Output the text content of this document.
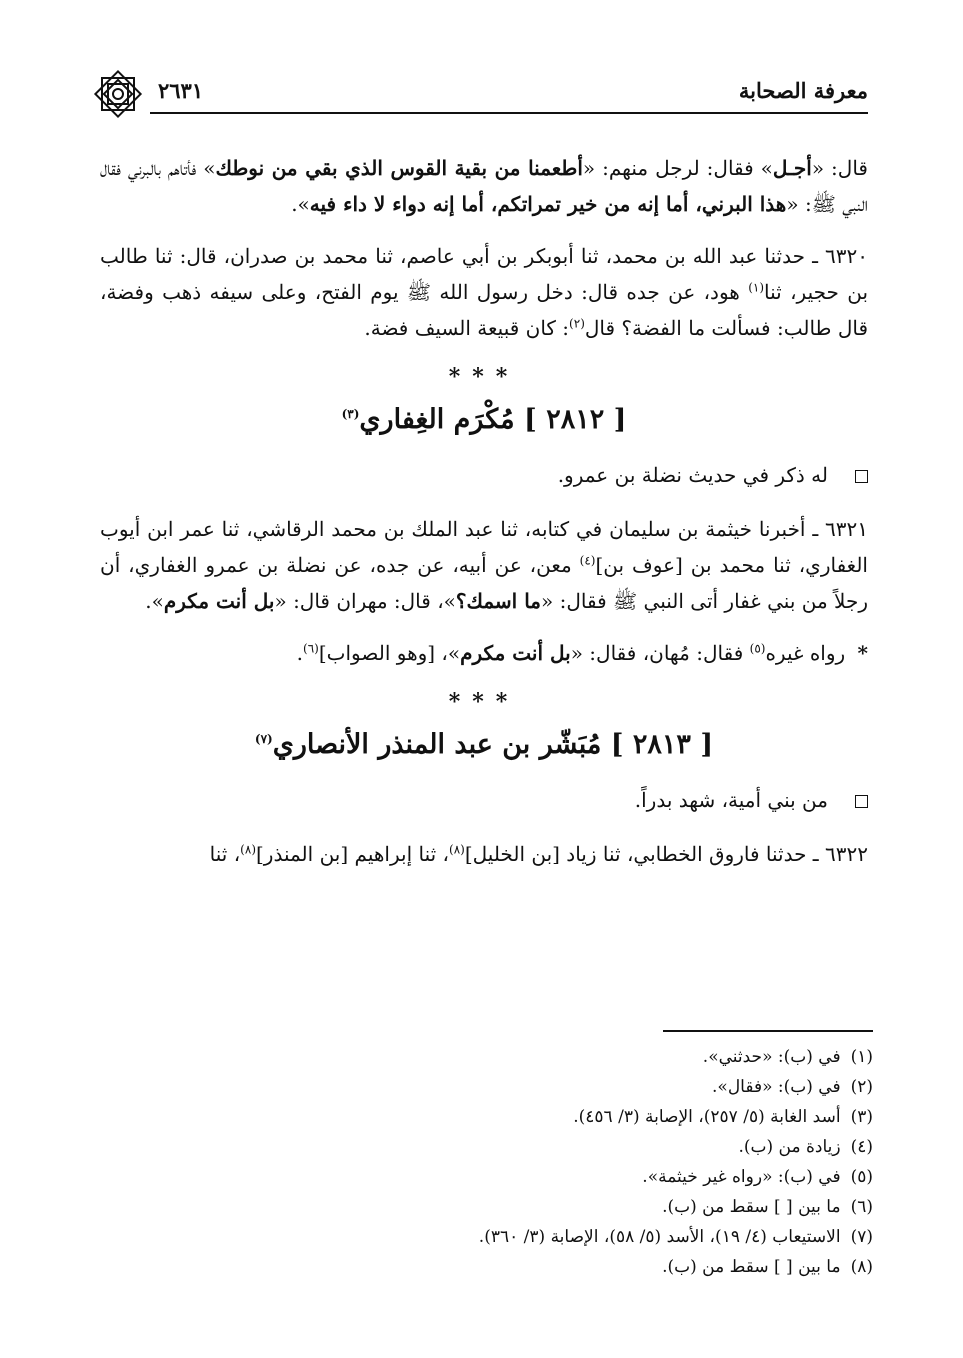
معرفة الصحابة
٢٦٣١

قال: «أجـل» فقال: لرجل منهم: «أطعمنا من بقية القوس الذي بقي من نوطك» فأتاهم بالبرني فقال النبي ﷺ: «هذا البرني، أما إنه من خير تمراتكم، أما إنه دواء لا داء فيه».

٦٣٢٠ ـ حدثنا عبد الله بن محمد، ثنا أبوبكر بن أبي عاصم، ثنا محمد بن صدران، قال: ثنا طالب بن حجير، ثنا$^{(١)}$ هود، عن جده قال: دخل رسول الله ﷺ يوم الفتح، وعلى سيفه ذهب وفضة، قال طالب: فسألت ما الفضة؟ قال$^{(٢)}$: كان قبيعة السيف فضة.

***
[ ٢٨١٢ ] مُكْرَم الغِفاري$^{(٣)}$

له ذكر في حديث نضلة بن عمرو.

٦٣٢١ ـ أخبرنا خيثمة بن سليمان في كتابه، ثنا عبد الملك بن محمد الرقاشي، ثنا عمر ابن أيوب الغفاري، ثنا محمد بن [عوف بن]$^{(٤)}$ معن، عن أبيه، عن جده، عن نضلة بن عمرو الغفاري، أن رجلاً من بني غفار أتى النبي ﷺ فقال: «ما اسمك؟»، قال: مهران قال: «بل أنت مكرم».

* رواه غيره$^{(٥)}$ فقال: مُهان، فقال: «بل أنت مكرم»، [وهو الصواب]$^{(٦)}$.

***
[ ٢٨١٣ ] مُبَشّر بن عبد المنذر الأنصاري$^{(٧)}$

من بني أمية، شهد بدراً.

٦٣٢٢ ـ حدثنا فاروق الخطابي، ثنا زياد [بن الخليل]$^{(٨)}$، ثنا إبراهيم [بن المنذر]$^{(٨)}$، ثنا

(١)في (ب): «حدثني».
(٢)في (ب): «فقال».
(٣)أسد الغابة (٥/ ٢٥٧)، الإصابة (٣/ ٤٥٦).
(٤)زيادة من (ب).
(٥)في (ب): «رواه غير خيثمة».
(٦)ما بين [ ] سقط من (ب).
(٧)الاستيعاب (٤/ ١٩)، الأسد (٥/ ٥٨)، الإصابة (٣/ ٣٦٠).
(٨)ما بين [ ] سقط من (ب).
